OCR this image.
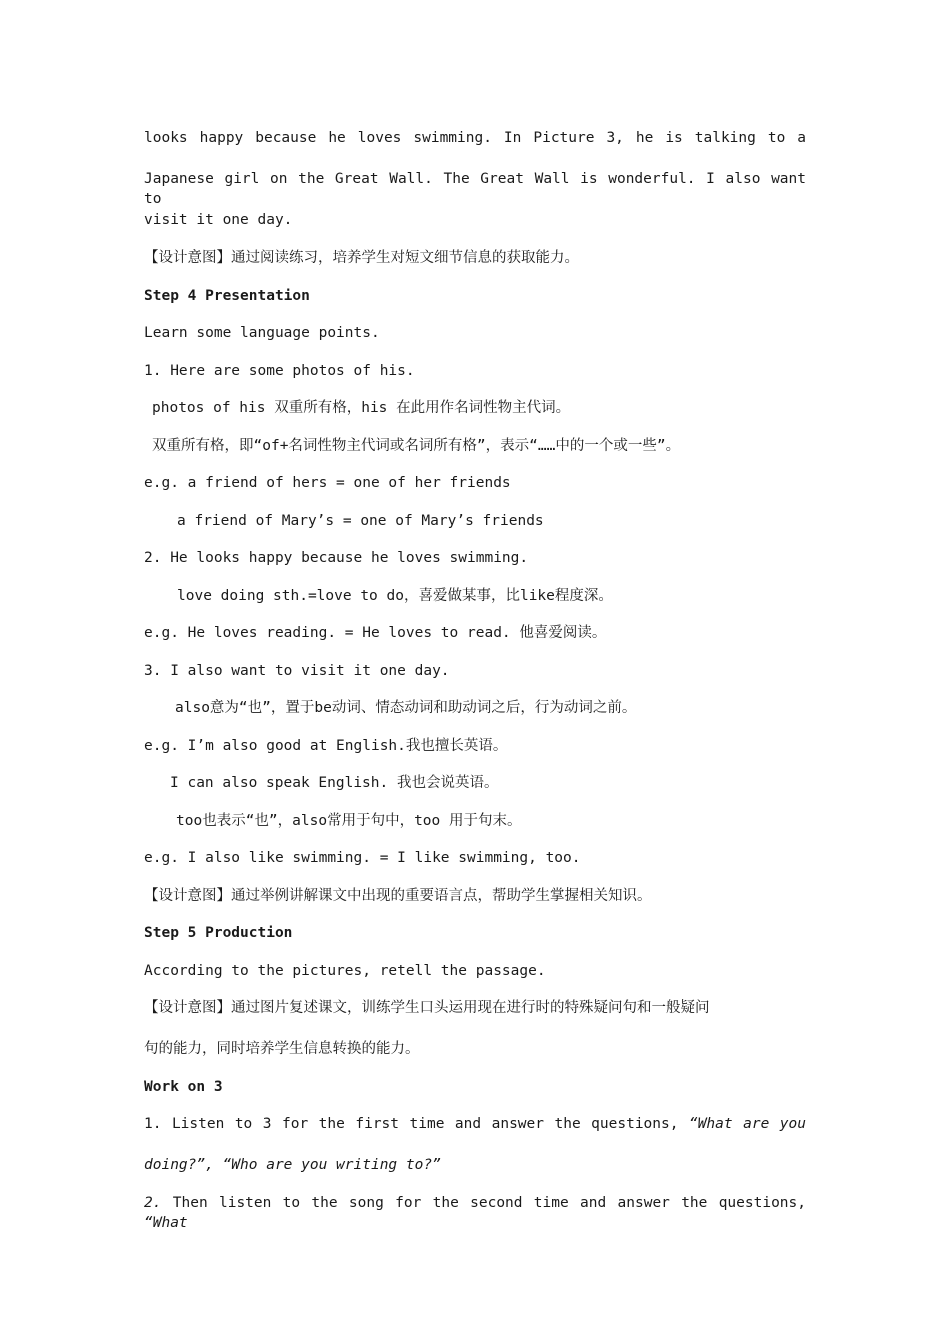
looks happy because he loves swimming. In Picture 3, he is talking to a
Japanese girl on the Great Wall. The Great Wall is wonderful. I also want to
visit it one day.
【设计意图】通过阅读练习，培养学生对短文细节信息的获取能力。
Step 4 Presentation
Learn some language points.
1. Here are some photos of his.
photos of his 双重所有格，his 在此用作名词性物主代词。
双重所有格，即“of+名词性物主代词或名词所有格”，表示“……中的一个或一些”。
e.g. a friend of hers = one of her friends
a friend of Mary’s = one of Mary’s friends
2. He looks happy because he loves swimming.
love doing sth.=love to do，喜爱做某事，比like程度深。
e.g. He loves reading. = He loves to read. 他喜爱阅读。
3. I also want to visit it one day.
also意为“也”，置于be动词、情态动词和助动词之后，行为动词之前。
e.g. I’m also good at English.我也擅长英语。
I can also speak English. 我也会说英语。
too也表示“也”，also常用于句中，too 用于句末。
e.g. I also like swimming. = I like swimming, too.
【设计意图】通过举例讲解课文中出现的重要语言点，帮助学生掌握相关知识。
Step 5 Production
According to the pictures, retell the passage.
【设计意图】通过图片复述课文，训练学生口头运用现在进行时的特殊疑问句和一般疑问
句的能力，同时培养学生信息转换的能力。
Work on 3
1. Listen to 3 for the first time and answer the questions, “What are you
doing?”, “Who are you writing to?”
2. Then listen to the song for the second time and answer the questions, “What
